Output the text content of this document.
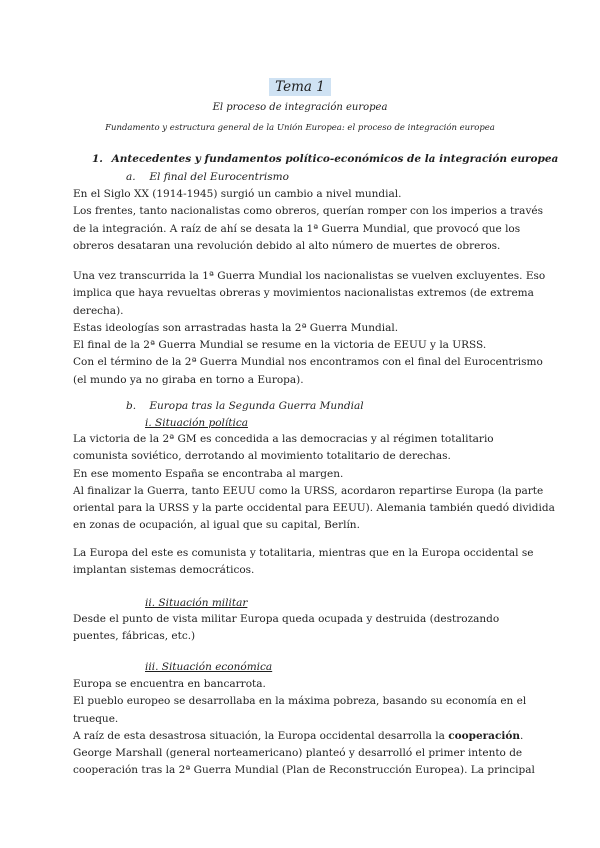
Tema 1
El proceso de integración europea
Fundamento y estructura general de la Unión Europea: el proceso de integración europea
1. Antecedentes y fundamentos político-económicos de la integración europea
a. El final del Eurocentrismo
En el Siglo XX (1914-1945) surgió un cambio a nivel mundial.
Los frentes, tanto nacionalistas como obreros, querían romper con los imperios a través
de la integración. A raíz de ahí se desata la 1ª Guerra Mundial, que provocó que los
obreros desataran una revolución debido al alto número de muertes de obreros.
Una vez transcurrida la 1ª Guerra Mundial los nacionalistas se vuelven excluyentes. Eso
implica que haya revueltas obreras y movimientos nacionalistas extremos (de extrema
derecha).
Estas ideologías son arrastradas hasta la 2ª Guerra Mundial.
El final de la 2ª Guerra Mundial se resume en la victoria de EEUU y la URSS.
Con el término de la 2ª Guerra Mundial nos encontramos con el final del Eurocentrismo
(el mundo ya no giraba en torno a Europa).
b. Europa tras la Segunda Guerra Mundial
i. Situación política
La victoria de la 2ª GM es concedida a las democracias y al régimen totalitario
comunista soviético, derrotando al movimiento totalitario de derechas.
En ese momento España se encontraba al margen.
Al finalizar la Guerra, tanto EEUU como la URSS, acordaron repartirse Europa (la parte
oriental para la URSS y la parte occidental para EEUU). Alemania también quedó dividida
en zonas de ocupación, al igual que su capital, Berlín.
La Europa del este es comunista y totalitaria, mientras que en la Europa occidental se
implantan sistemas democráticos.
ii. Situación militar
Desde el punto de vista militar Europa queda ocupada y destruida (destrozando
puentes, fábricas, etc.)
iii. Situación económica
Europa se encuentra en bancarrota.
El pueblo europeo se desarrollaba en la máxima pobreza, basando su economía en el
trueque.
A raíz de esta desastrosa situación, la Europa occidental desarrolla la cooperación.
George Marshall (general norteamericano) planteó y desarrolló el primer intento de
cooperación tras la 2ª Guerra Mundial (Plan de Reconstrucción Europea). La principal
